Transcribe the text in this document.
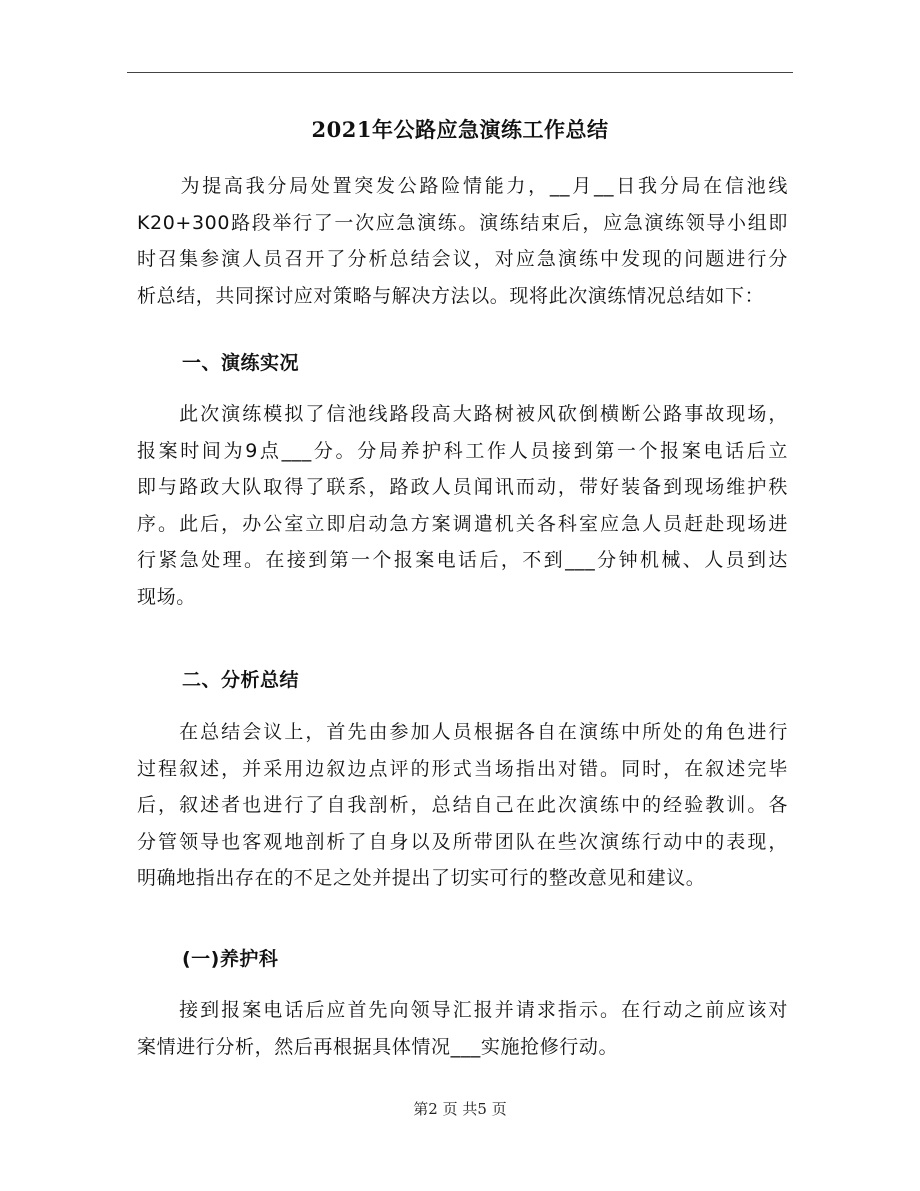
2021年公路应急演练工作总结
　　为提高我分局处置突发公路险情能力，__月__日我分局在信池线
K20+300路段举行了一次应急演练。演练结束后，应急演练领导小组即
时召集参演人员召开了分析总结会议，对应急演练中发现的问题进行分
析总结，共同探讨应对策略与解决方法以。现将此次演练情况总结如下：
一、演练实况
　　此次演练模拟了信池线路段高大路树被风砍倒横断公路事故现场，
报案时间为9点___分。分局养护科工作人员接到第一个报案电话后立
即与路政大队取得了联系，路政人员闻讯而动，带好装备到现场维护秩
序。此后，办公室立即启动急方案调遣机关各科室应急人员赶赴现场进
行紧急处理。在接到第一个报案电话后，不到___分钟机械、人员到达
现场。
二、分析总结
　　在总结会议上，首先由参加人员根据各自在演练中所处的角色进行
过程叙述，并采用边叙边点评的形式当场指出对错。同时，在叙述完毕
后，叙述者也进行了自我剖析，总结自己在此次演练中的经验教训。各
分管领导也客观地剖析了自身以及所带团队在些次演练行动中的表现，
明确地指出存在的不足之处并提出了切实可行的整改意见和建议。
(一)养护科
　　接到报案电话后应首先向领导汇报并请求指示。在行动之前应该对
案情进行分析，然后再根据具体情况___实施抢修行动。
第2 页 共5 页
